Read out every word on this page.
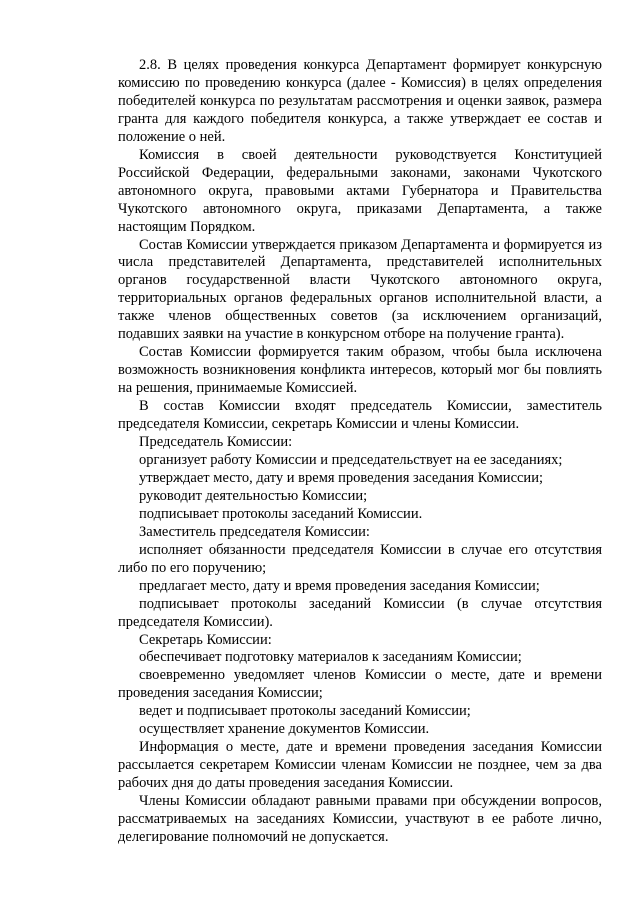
2.8. В целях проведения конкурса Департамент формирует конкурсную комиссию по проведению конкурса (далее - Комиссия) в целях определения победителей конкурса по результатам рассмотрения и оценки заявок, размера гранта для каждого победителя конкурса, а также утверждает ее состав и положение о ней.

Комиссия в своей деятельности руководствуется Конституцией Российской Федерации, федеральными законами, законами Чукотского автономного округа, правовыми актами Губернатора и Правительства Чукотского автономного округа, приказами Департамента, а также настоящим Порядком.

Состав Комиссии утверждается приказом Департамента и формируется из числа представителей Департамента, представителей исполнительных органов государственной власти Чукотского автономного округа, территориальных органов федеральных органов исполнительной власти, а также членов общественных советов (за исключением организаций, подавших заявки на участие в конкурсном отборе на получение гранта).

Состав Комиссии формируется таким образом, чтобы была исключена возможность возникновения конфликта интересов, который мог бы повлиять на решения, принимаемые Комиссией.

В состав Комиссии входят председатель Комиссии, заместитель председателя Комиссии, секретарь Комиссии и члены Комиссии.

Председатель Комиссии:

организует работу Комиссии и председательствует на ее заседаниях;

утверждает место, дату и время проведения заседания Комиссии;

руководит деятельностью Комиссии;

подписывает протоколы заседаний Комиссии.

Заместитель председателя Комиссии:

исполняет обязанности председателя Комиссии в случае его отсутствия либо по его поручению;

предлагает место, дату и время проведения заседания Комиссии;

подписывает протоколы заседаний Комиссии (в случае отсутствия председателя Комиссии).

Секретарь Комиссии:

обеспечивает подготовку материалов к заседаниям Комиссии;

своевременно уведомляет членов Комиссии о месте, дате и времени проведения заседания Комиссии;

ведет и подписывает протоколы заседаний Комиссии;

осуществляет хранение документов Комиссии.

Информация о месте, дате и времени проведения заседания Комиссии рассылается секретарем Комиссии членам Комиссии не позднее, чем за два рабочих дня до даты проведения заседания Комиссии.

Члены Комиссии обладают равными правами при обсуждении вопросов, рассматриваемых на заседаниях Комиссии, участвуют в ее работе лично, делегирование полномочий не допускается.
